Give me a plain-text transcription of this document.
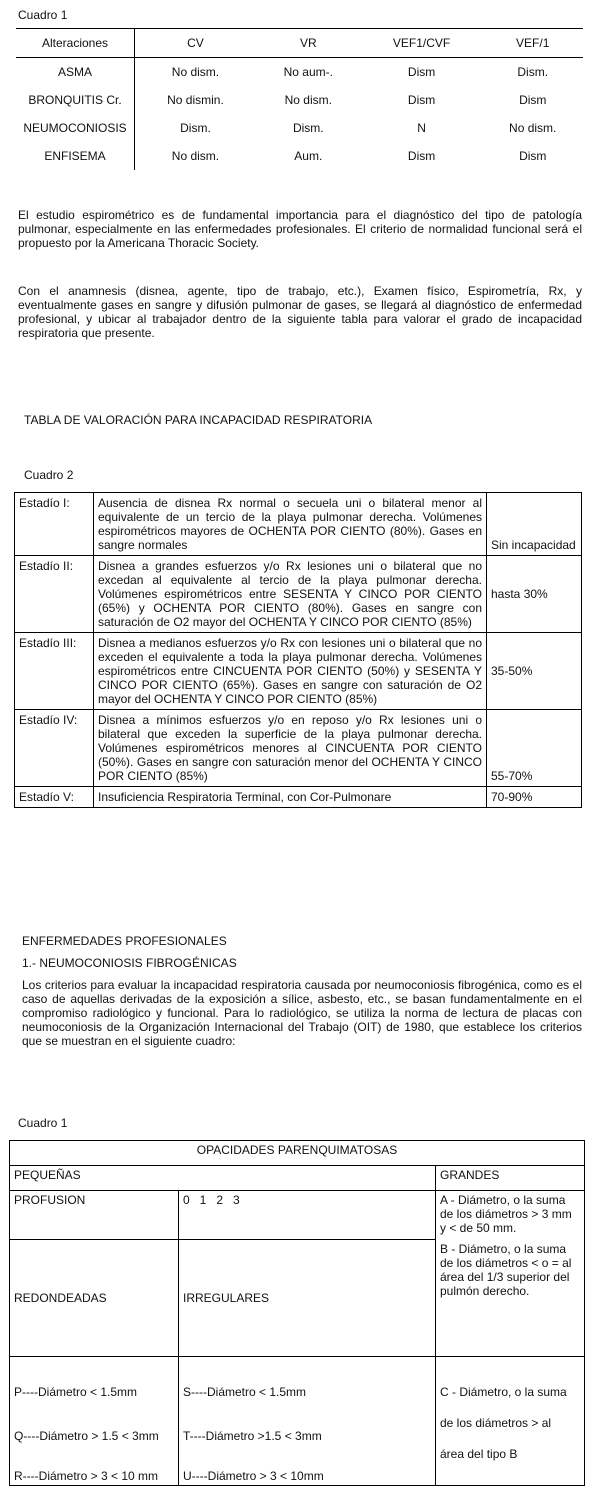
Cuadro 1
Alteraciones	CV	VR	VEF1/CVF	VEF/1
ASMA	No dism.	No aum-.	Dism	Dism.
BRONQUITIS Cr.	No dismin.	No dism.	Dism	Dism
NEUMOCONIOSIS	Dism.	Dism.	N	No dism.
ENFISEMA	No dism.	Aum.	Dism	Dism

El estudio espirométrico es de fundamental importancia para el diagnóstico del tipo de patología pulmonar, especialmente en las enfermedades profesionales. El criterio de normalidad funcional será el propuesto por la Americana Thoracic Society.

Con el anamnesis (disnea, agente, tipo de trabajo, etc.), Examen físico, Espirometría, Rx, y eventualmente gases en sangre y difusión pulmonar de gases, se llegará al diagnóstico de enfermedad profesional, y ubicar al trabajador dentro de la siguiente tabla para valorar el grado de incapacidad respiratoria que presente.

TABLA DE VALORACIÓN PARA INCAPACIDAD RESPIRATORIA
Cuadro 2
Estadío I:	Ausencia de disnea Rx normal o secuela uni o bilateral menor al equivalente de un tercio de la playa pulmonar derecha. Volúmenes espirométricos mayores de OCHENTA POR CIENTO (80%). Gases en sangre normales	Sin incapacidad
Estadío II:	Disnea a grandes esfuerzos y/o Rx lesiones uni o bilateral que no excedan al equivalente al tercio de la playa pulmonar derecha. Volúmenes espirométricos entre SESENTA Y CINCO POR CIENTO (65%) y OCHENTA POR CIENTO (80%). Gases en sangre con saturación de O2 mayor del OCHENTA Y CINCO POR CIENTO (85%)	hasta 30%
Estadío III:	Disnea a medianos esfuerzos y/o Rx con lesiones uni o bilateral que no exceden el equivalente a toda la playa pulmonar derecha. Volúmenes espirométricos entre CINCUENTA POR CIENTO (50%) y SESENTA Y CINCO POR CIENTO (65%). Gases en sangre con saturación de O2 mayor del OCHENTA Y CINCO POR CIENTO (85%)	35-50%
Estadío IV:	Disnea a mínimos esfuerzos y/o en reposo y/o Rx lesiones uni o bilateral que exceden la superficie de la playa pulmonar derecha. Volúmenes espirométricos menores al CINCUENTA POR CIENTO (50%). Gases en sangre con saturación menor del OCHENTA Y CINCO POR CIENTO (85%)	55-70%
Estadío V:	Insuficiencia Respiratoria Terminal, con Cor-Pulmonare	70-90%
ENFERMEDADES PROFESIONALES
1.- NEUMOCONIOSIS FIBROGÉNICAS

Los criterios para evaluar la incapacidad respiratoria causada por neumoconiosis fibrogénica, como es el caso de aquellas derivadas de la exposición a sílice, asbesto, etc., se basan fundamentalmente en el compromiso radiológico y funcional. Para lo radiológico, se utiliza la norma de lectura de placas con neumoconiosis de la Organización Internacional del Trabajo (OIT) de 1980, que establece los criterios que se muestran en el siguiente cuadro:

Cuadro 1
OPACIDADES PARENQUIMATOSAS		
PEQUEÑAS		GRANDES
PROFUSION	0   1   2   3	A - Diámetro, o la suma de los diámetros > 3 mm y < de 50 mm.
REDONDEADAS	IRREGULARES	B - Diámetro, o la suma de los diámetros < o = al área del 1/3 superior del pulmón derecho.
P----Diámetro < 1.5mm	S----Diámetro < 1.5mm	C - Diámetro, o la suma
Q----Diámetro > 1.5 < 3mm	T----Diámetro >1.5 < 3mm	de los diámetros > al
R----Diámetro > 3 < 10 mm	U----Diámetro > 3 < 10mm	área del tipo B
